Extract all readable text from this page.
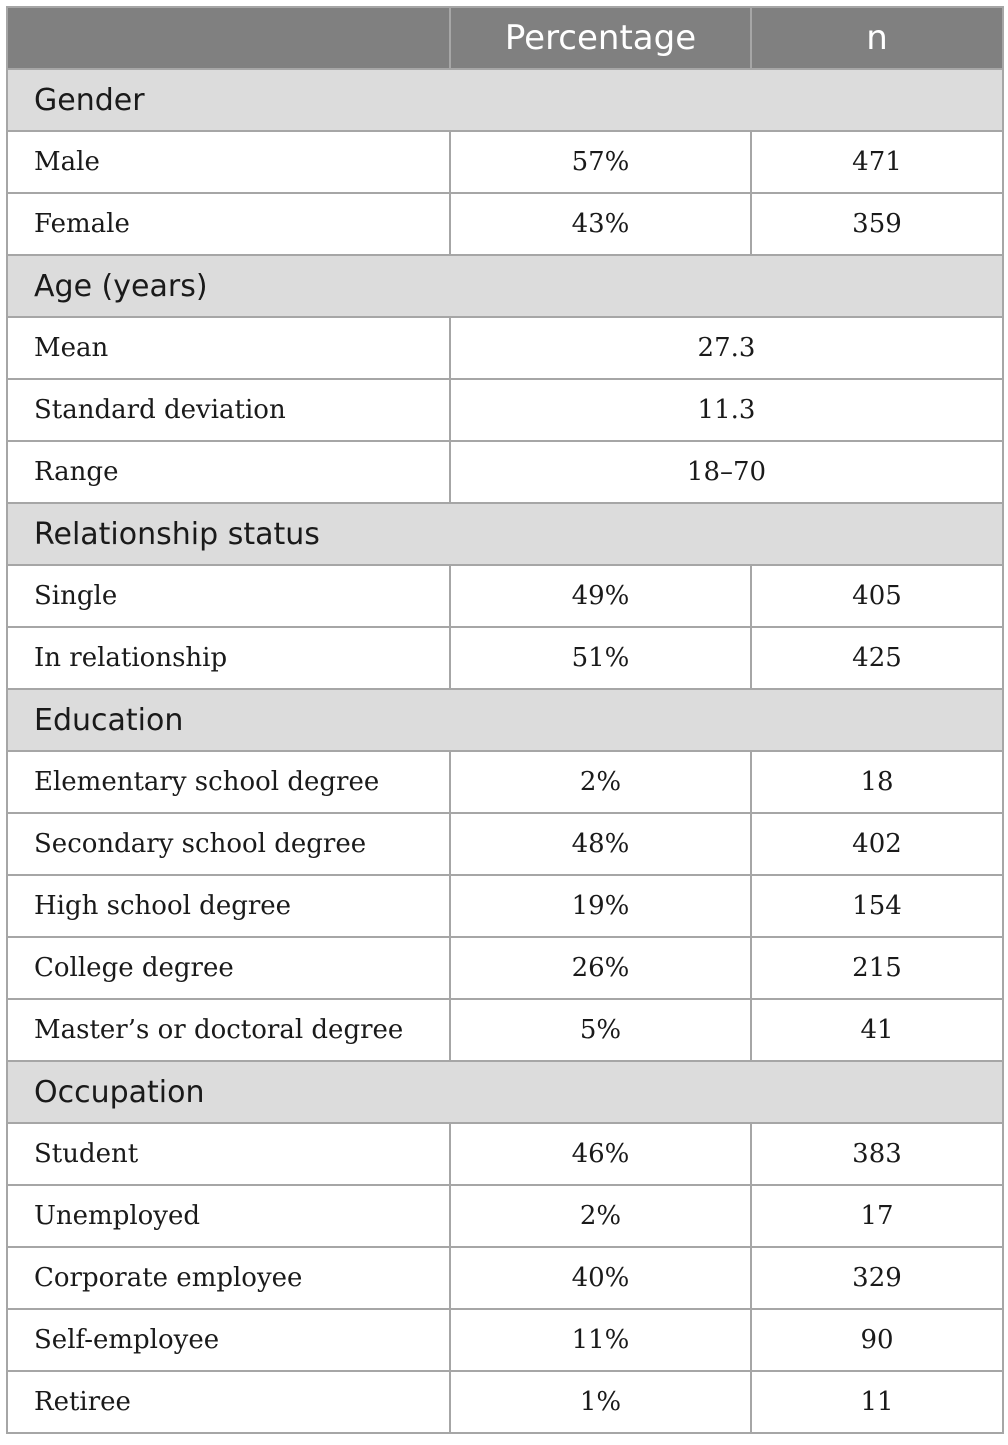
	Percentage	n
Gender		
Male	57%	471
Female	43%	359
Age (years)		
Mean	27.3	
Standard deviation	11.3	
Range	18–70	
Relationship status		
Single	49%	405
In relationship	51%	425
Education		
Elementary school degree	2%	18
Secondary school degree	48%	402
High school degree	19%	154
College degree	26%	215
Master’s or doctoral degree	5%	41
Occupation		
Student	46%	383
Unemployed	2%	17
Corporate employee	40%	329
Self-employee	11%	90
Retiree	1%	11
